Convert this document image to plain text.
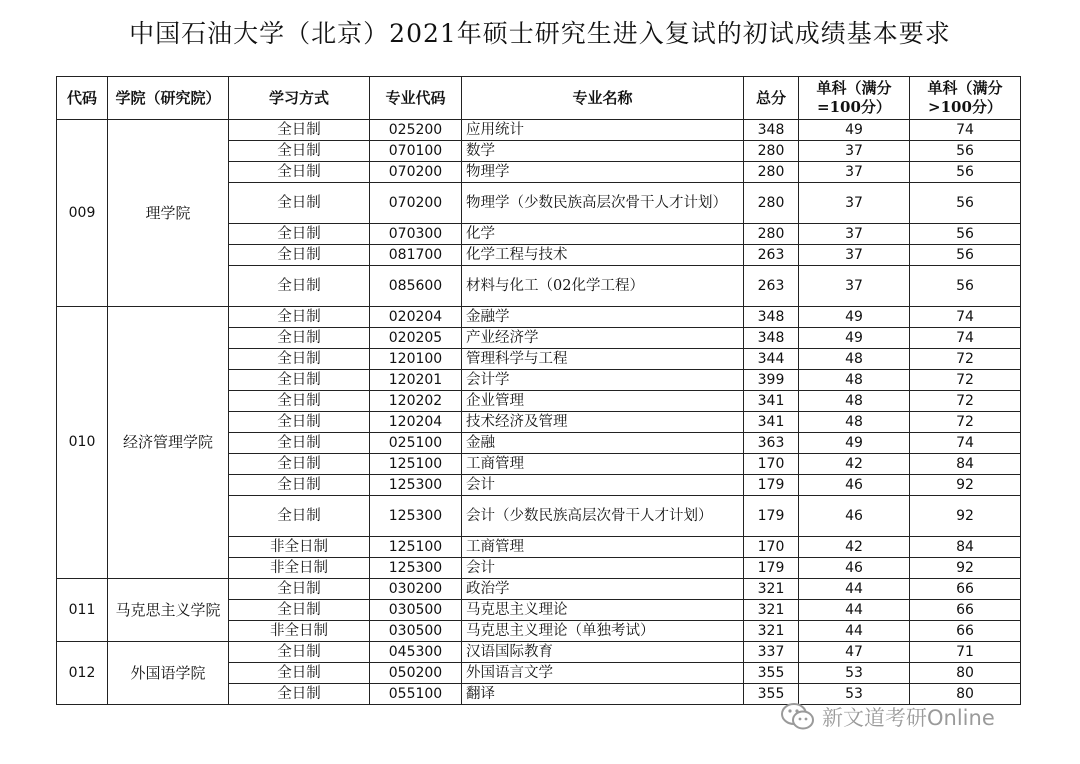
中国石油大学（北京）2021年硕士研究生进入复试的初试成绩基本要求
代码	学院（研究院）	学习方式	专业代码	专业名称	总分	单科（满分=100分）	单科（满分>100分）
009	理学院	全日制	025200	应用统计	348	49	74
		全日制	070100	数学	280	37	56
		全日制	070200	物理学	280	37	56
		全日制	070200	物理学（少数民族高层次骨干人才计划）	280	37	56
		全日制	070300	化学	280	37	56
		全日制	081700	化学工程与技术	263	37	56
		全日制	085600	材料与化工（02化学工程）	263	37	56
010	经济管理学院	全日制	020204	金融学	348	49	74
		全日制	020205	产业经济学	348	49	74
		全日制	120100	管理科学与工程	344	48	72
		全日制	120201	会计学	399	48	72
		全日制	120202	企业管理	341	48	72
		全日制	120204	技术经济及管理	341	48	72
		全日制	025100	金融	363	49	74
		全日制	125100	工商管理	170	42	84
		全日制	125300	会计	179	46	92
		全日制	125300	会计（少数民族高层次骨干人才计划）	179	46	92
		非全日制	125100	工商管理	170	42	84
		非全日制	125300	会计	179	46	92
011	马克思主义学院	全日制	030200	政治学	321	44	66
		全日制	030500	马克思主义理论	321	44	66
		非全日制	030500	马克思主义理论（单独考试）	321	44	66
012	外国语学院	全日制	045300	汉语国际教育	337	47	71
		全日制	050200	外国语言文学	355	53	80
		全日制	055100	翻译	355	53	80
新文道考研Online
